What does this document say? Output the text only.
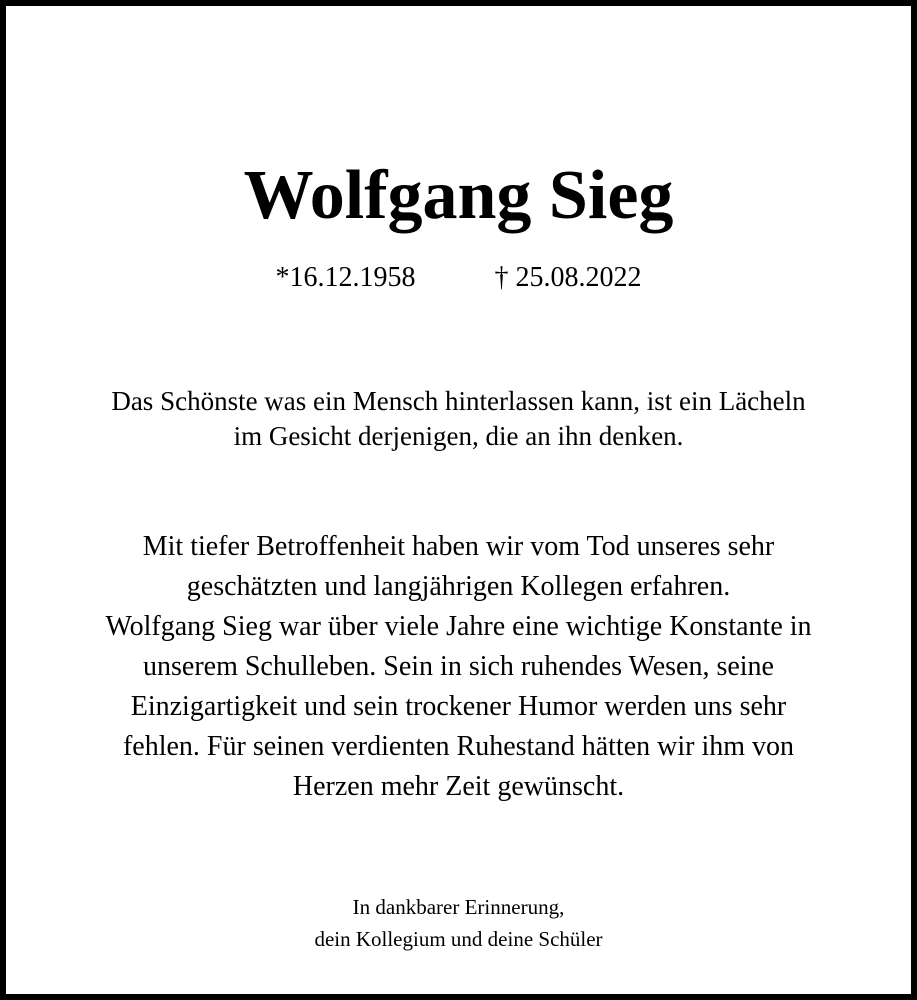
Wolfgang Sieg
*16.12.1958	† 25.08.2022
Das Schönste was ein Mensch hinterlassen kann, ist ein Lächeln
im Gesicht derjenigen, die an ihn denken.
Mit tiefer Betroffenheit haben wir vom Tod unseres sehr
geschätzten und langjährigen Kollegen erfahren.
Wolfgang Sieg war über viele Jahre eine wichtige Konstante in
unserem Schulleben. Sein in sich ruhendes Wesen, seine
Einzigartigkeit und sein trockener Humor werden uns sehr
fehlen. Für seinen verdienten Ruhestand hätten wir ihm von
Herzen mehr Zeit gewünscht.
In dankbarer Erinnerung,
dein Kollegium und deine Schüler
